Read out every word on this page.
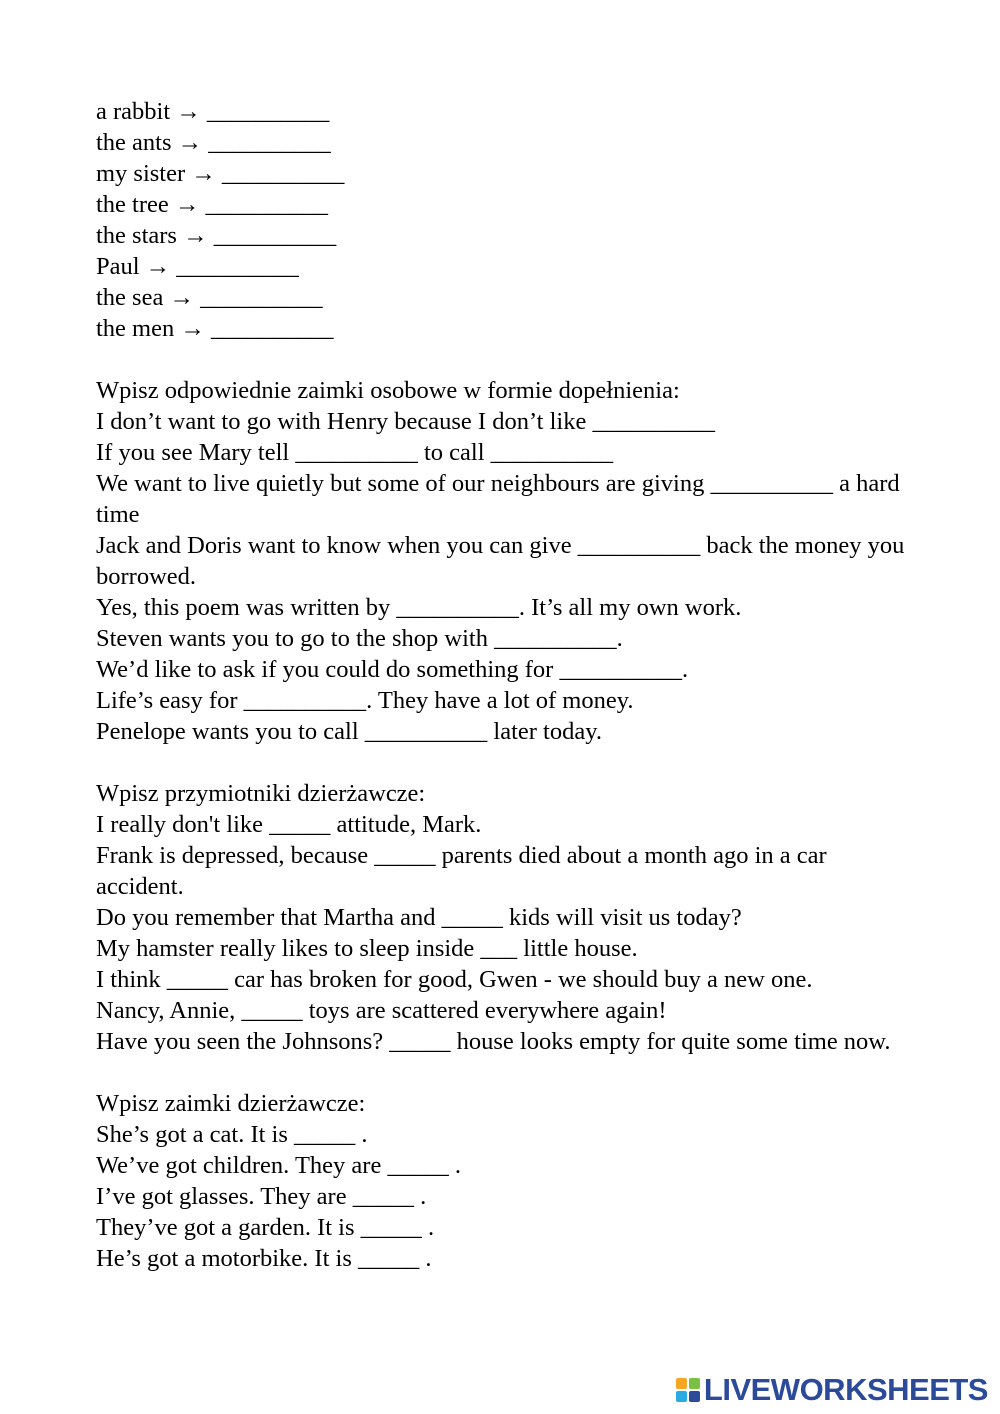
a rabbit → __________
the ants → __________
my sister → __________
the tree → __________
the stars → __________
Paul → __________
the sea → __________
the men → __________
Wpisz odpowiednie zaimki osobowe w formie dopełnienia:
I don’t want to go with Henry because I don’t like __________
If you see Mary tell __________ to call __________
We want to live quietly but some of our neighbours are giving __________ a hard time
Jack and Doris want to know when you can give __________ back the money you borrowed.
Yes, this poem was written by __________. It’s all my own work.
Steven wants you to go to the shop with __________.
We’d like to ask if you could do something for __________.
Life’s easy for __________. They have a lot of money.
Penelope wants you to call __________ later today.
Wpisz przymiotniki dzierżawcze:
I really don't like _____ attitude, Mark.
Frank is depressed, because _____ parents died about a month ago in a car accident.
Do you remember that Martha and _____ kids will visit us today?
My hamster really likes to sleep inside ___ little house.
I think _____ car has broken for good, Gwen - we should buy a new one.
Nancy, Annie, _____ toys are scattered everywhere again!
Have you seen the Johnsons? _____ house looks empty for quite some time now.
Wpisz zaimki dzierżawcze:
She’s got a cat. It is _____ .
We’ve got children. They are _____ .
I’ve got glasses. They are _____ .
They’ve got a garden. It is _____ .
He’s got a motorbike. It is _____ .
LIVEWORKSHEETS
